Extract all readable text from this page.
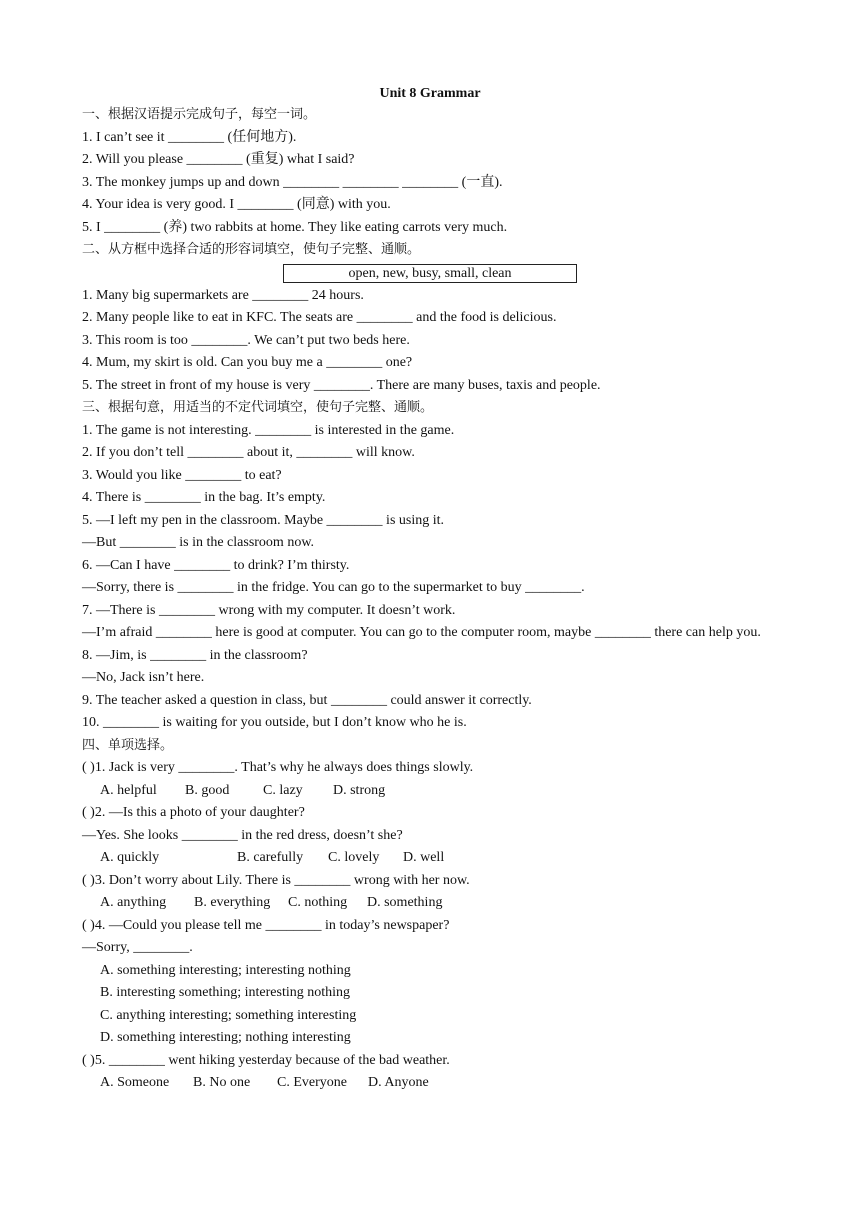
Unit 8 Grammar
一、根据汉语提示完成句子，每空一词。
1. I can’t see it ________ (任何地方).
2. Will you please ________ (重复) what I said?
3. The monkey jumps up and down ________ ________ ________ (一直).
4. Your idea is very good. I ________ (同意) with you.
5. I ________ (养) two rabbits at home. They like eating carrots very much.
二、从方框中选择合适的形容词填空，使句子完整、通顺。
open, new, busy, small, clean
1. Many big supermarkets are ________ 24 hours.
2. Many people like to eat in KFC. The seats are ________ and the food is delicious.
3. This room is too ________. We can’t put two beds here.
4. Mum, my skirt is old. Can you buy me a ________ one?
5. The street in front of my house is very ________. There are many buses, taxis and people.
三、根据句意，用适当的不定代词填空，使句子完整、通顺。
1. The game is not interesting. ________ is interested in the game.
2. If you don’t tell ________ about it, ________ will know.
3. Would you like ________ to eat?
4. There is ________ in the bag. It’s empty.
5. —I left my pen in the classroom. Maybe ________ is using it.
—But ________ is in the classroom now.
6. —Can I have ________ to drink? I’m thirsty.
—Sorry, there is ________ in the fridge. You can go to the supermarket to buy ________.
7. —There is ________ wrong with my computer. It doesn’t work.
—I’m afraid ________ here is good at computer. You can go to the computer room, maybe ________ there can help you.
8. —Jim, is ________ in the classroom?
—No, Jack isn’t here.
9. The teacher asked a question in class, but ________ could answer it correctly.
10. ________ is waiting for you outside, but I don’t know who he is.
四、单项选择。
( )1. Jack is very ________. That’s why he always does things slowly.
A. helpful B. good C. lazy D. strong
( )2. —Is this a photo of your daughter?
—Yes. She looks ________ in the red dress, doesn’t she?
A. quickly	B. carefully C. lovely D. well
( )3. Don’t worry about Lily. There is ________ wrong with her now.
A. anything B. everything C. nothing D. something
( )4. —Could you please tell me ________ in today’s newspaper?
—Sorry, ________.
A. something interesting; interesting nothing
B. interesting something; interesting nothing
C. anything interesting; something interesting
D. something interesting; nothing interesting
( )5. ________ went hiking yesterday because of the bad weather.
A. Someone B. No one C. Everyone D. Anyone
